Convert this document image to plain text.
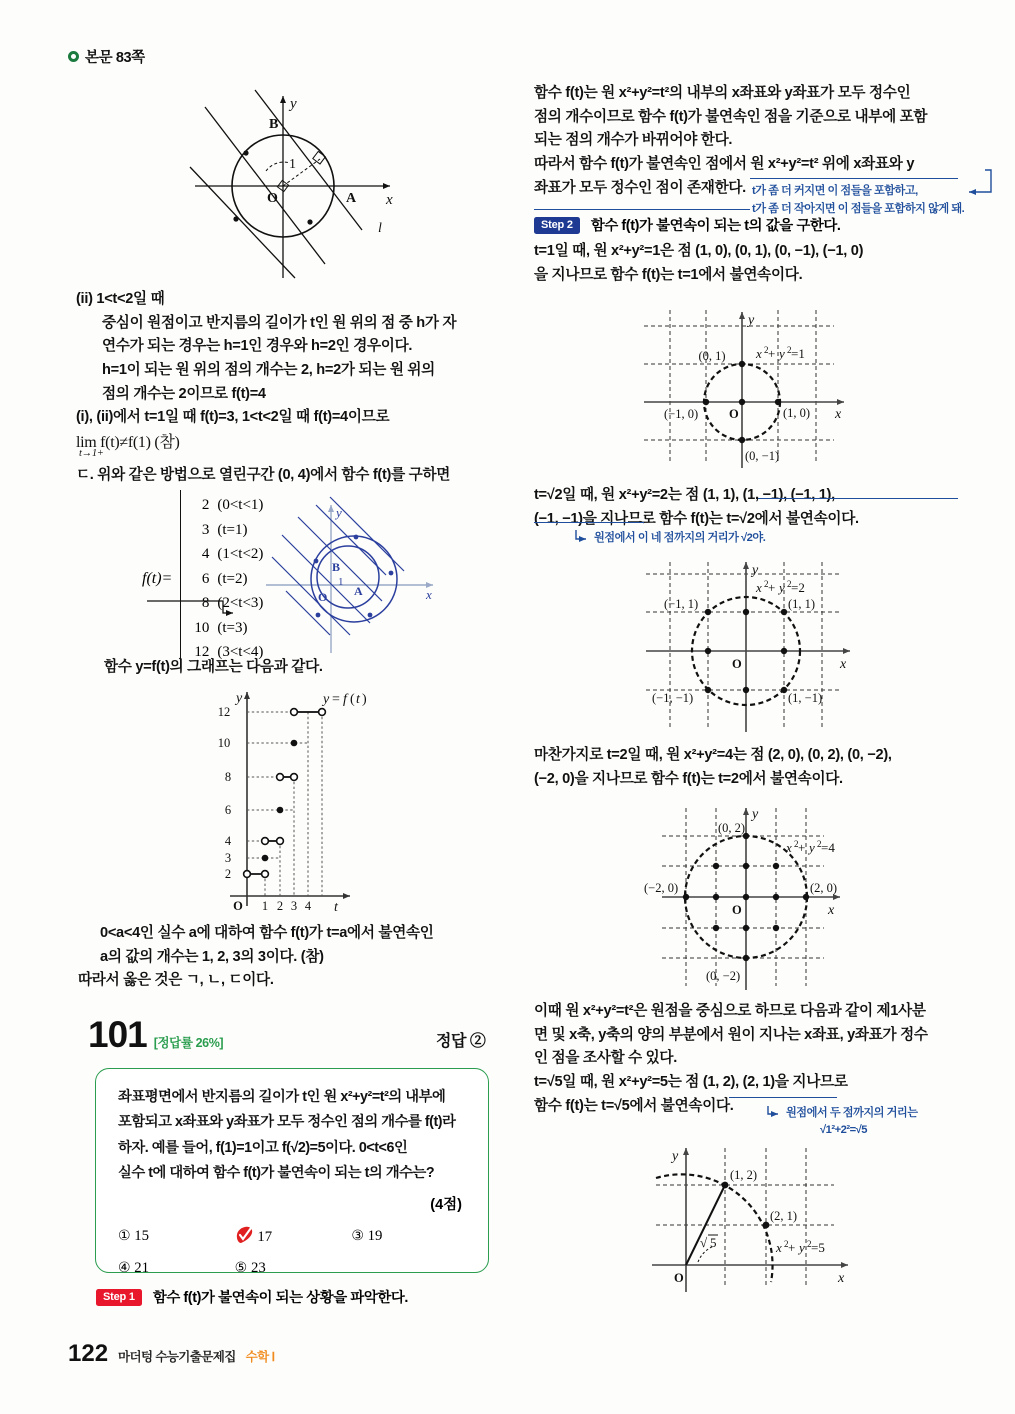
본문 83쪽
B
O	A x
y
l
1
(ii) 1<t<2일 때
중심이 원점이고 반지름의 길이가 t인 원 위의 점 중 h가 자
연수가 되는 경우는 h=1인 경우와 h=2인 경우이다.
h=1이 되는 원 위의 점의 개수는 2, h=2가 되는 원 위의
점의 개수는 2이므로 f(t)=4
(i), (ii)에서 t=1일 때 f(t)=3, 1<t<2일 때 f(t)=4이므로
lim f(t)≠f(1) (참)
t→1+
ㄷ. 위와 같은 방법으로 열린구간 (0, 4)에서 함수 f(t)를 구하면
f(t)=
2 (0<t<1)
3 (t=1)
4 (1<t<2)
6 (t=2)
8 (2<t<3)
10 (t=3)
12 (3<t<4)
B
O A	x
y
1
함수 y=f(t)의 그래프는 다음과 같다.
12
10
8
6
4
3
2
1 2 3 4
O
y
t
y = f ( t )
0<a<4인 실수 a에 대하여 함수 f(t)가 t=a에서 불연속인
a의 값의 개수는 1, 2, 3의 3이다. (참)
따라서 옳은 것은 ㄱ, ㄴ, ㄷ이다.
101 [정답률 26%]	정답 ②
좌표평면에서 반지름의 길이가 t인 원 x²+y²=t²의 내부에
포함되고 x좌표와 y좌표가 모두 정수인 점의 개수를 f(t)라
하자. 예를 들어, f(1)=1이고 f(√2)=5이다. 0<t<6인
실수 t에 대하여 함수 f(t)가 불연속이 되는 t의 개수는?
(4점)
① 15	17	③ 19
④ 21	⑤ 23
Step 1 함수 f(t)가 불연속이 되는 상황을 파악한다.
122 마더텅 수능기출문제집 수학 Ⅰ
함수 f(t)는 원 x²+y²=t²의 내부의 x좌표와 y좌표가 모두 정수인
점의 개수이므로 함수 f(t)가 불연속인 점을 기준으로 내부에 포함
되는 점의 개수가 바뀌어야 한다.
따라서 함수 f(t)가 불연속인 점에서 원 x²+y²=t² 위에 x좌표와 y
좌표가 모두 정수인 점이 존재한다. t가 좀 더 커지면 이 점들을 포함하고,
t가 좀 더 작아지면 이 점들을 포함하지 않게 돼.
Step 2 함수 f(t)가 불연속이 되는 t의 값을 구한다.
t=1일 때, 원 x²+y²=1은 점 (1, 0), (0, 1), (0, −1), (−1, 0)
을 지나므로 함수 f(t)는 t=1에서 불연속이다.
(0, 1)
(1, 0)
(−1, 0)
(0, −1)
O	x
y
x 2 + y 2 =1
t=√2일 때, 원 x²+y²=2는 점 (1, 1), (1, −1), (−1, 1),
(−1, −1)을 지나므로 함수 f(t)는 t=√2에서 불연속이다.
원점에서 이 네 점까지의 거리가 √2야.
(−1, 1)	(1, 1)
(−1, −1)	(1, −1)
O	x
y
x 2 + y 2 =2
마찬가지로 t=2일 때, 원 x²+y²=4는 점 (2, 0), (0, 2), (0, −2),
(−2, 0)을 지나므로 함수 f(t)는 t=2에서 불연속이다.
(0, 2)
(2, 0)
(−2, 0)
(0, −2)
O	x
y
x 2 + y 2 =4
이때 원 x²+y²=t²은 원점을 중심으로 하므로 다음과 같이 제1사분
면 및 x축, y축의 양의 부분에서 원이 지나는 x좌표, y좌표가 정수
인 점을 조사할 수 있다.
t=√5일 때, 원 x²+y²=5는 점 (1, 2), (2, 1)을 지나므로
함수 f(t)는 t=√5에서 불연속이다.	원점에서 두 점까지의 거리는
√1²+2²=√5
(1, 2)
(2, 1)
O	x
y
√ 5	x 2 + y 2 =5
